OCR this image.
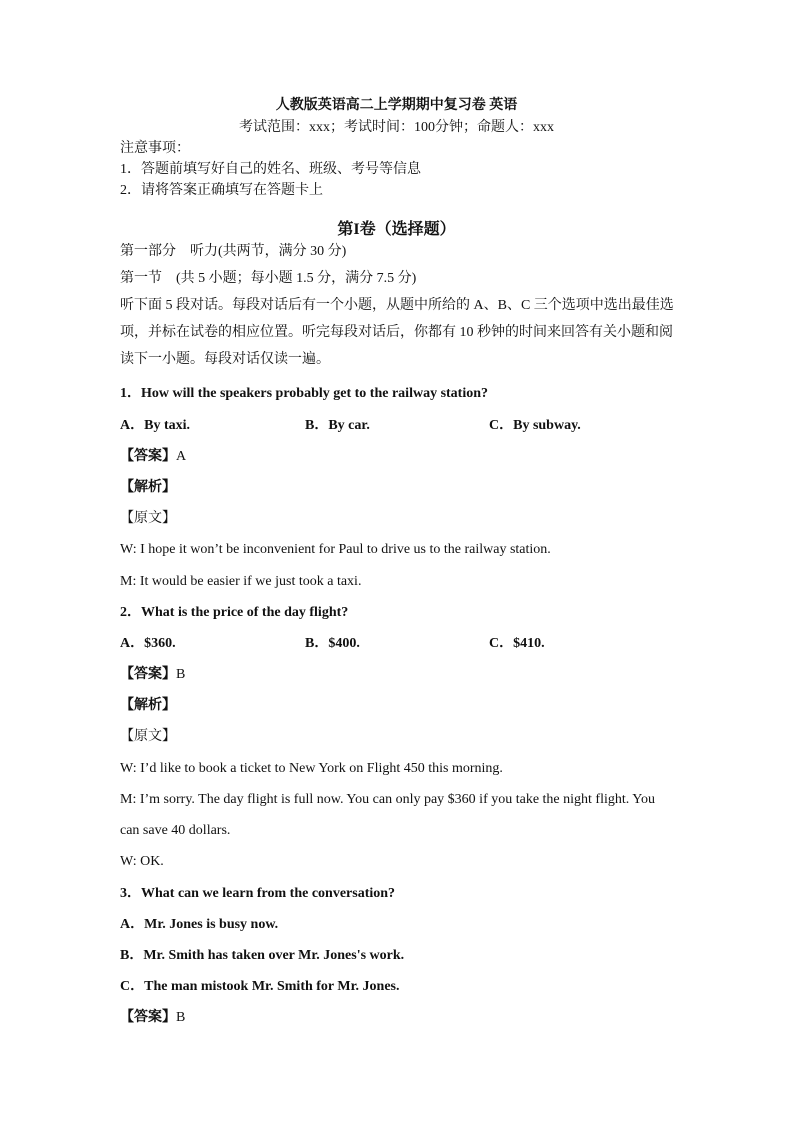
人教版英语高二上学期期中复习卷 英语
考试范围：xxx；考试时间：100分钟；命题人：xxx
注意事项：
1．答题前填写好自己的姓名、班级、考号等信息
2．请将答案正确填写在答题卡上
第I卷（选择题）
第一部分　听力(共两节，满分 30 分)
第一节　(共 5 小题；每小题 1.5 分，满分 7.5 分)
听下面 5 段对话。每段对话后有一个小题，从题中所给的 A、B、C 三个选项中选出最佳选
项，并标在试卷的相应位置。听完每段对话后，你都有 10 秒钟的时间来回答有关小题和阅
读下一小题。每段对话仅读一遍。
1．How will the speakers probably get to the railway station?
A．By taxi.	B．By car.	C．By subway.
【答案】A
【解析】
【原文】
W: I hope it won’t be inconvenient for Paul to drive us to the railway station.
M: It would be easier if we just took a taxi.
2．What is the price of the day flight?
A．$360.	B．$400.	C．$410.
【答案】B
【解析】
【原文】
W: I’d like to book a ticket to New York on Flight 450 this morning.
M: I’m sorry. The day flight is full now. You can only pay $360 if you take the night flight. You
can save 40 dollars.
W: OK.
3．What can we learn from the conversation?
A．Mr. Jones is busy now.
B．Mr. Smith has taken over Mr. Jones's work.
C．The man mistook Mr. Smith for Mr. Jones.
【答案】B
